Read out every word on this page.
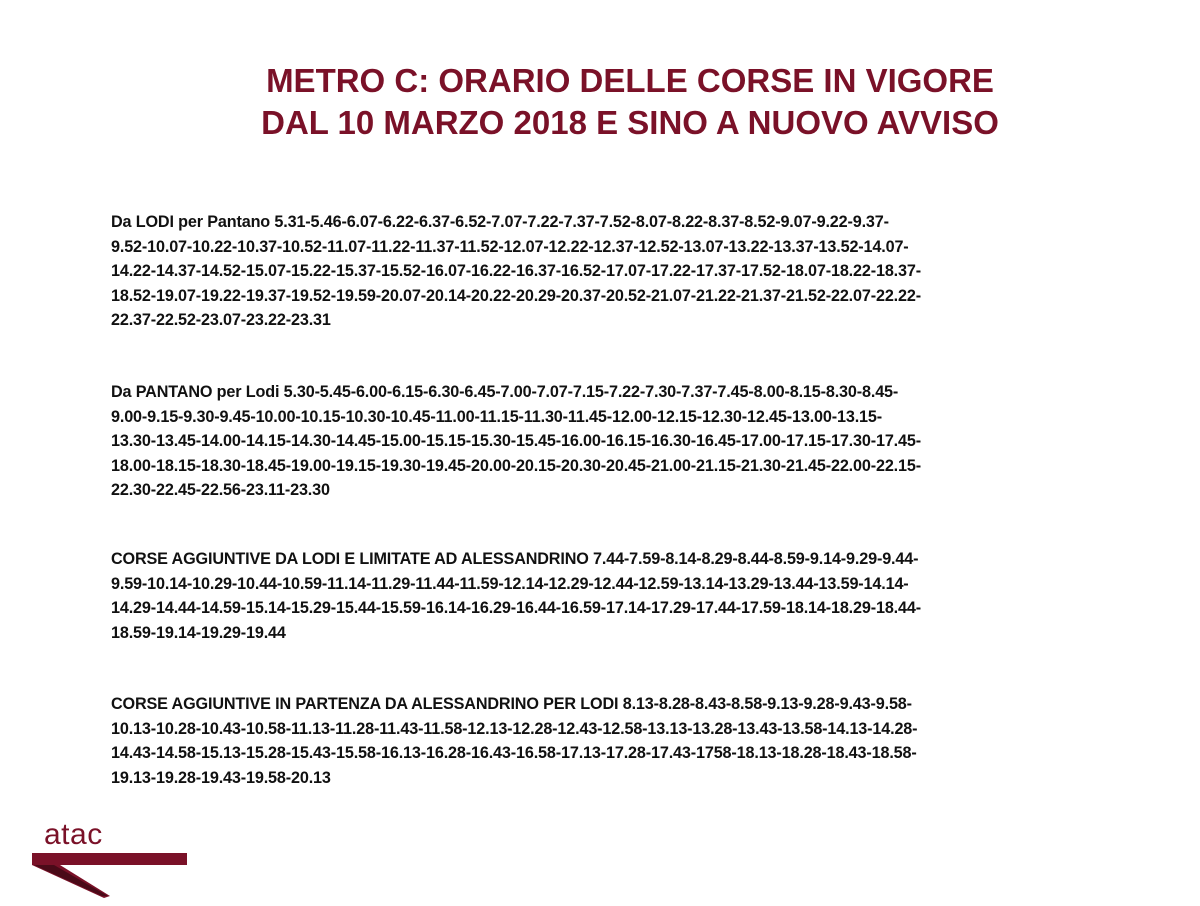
METRO C: ORARIO DELLE CORSE IN VIGORE
DAL 10 MARZO 2018 E SINO A NUOVO AVVISO
Da LODI per Pantano 5.31-5.46-6.07-6.22-6.37-6.52-7.07-7.22-7.37-7.52-8.07-8.22-8.37-8.52-9.07-9.22-9.37-
9.52-10.07-10.22-10.37-10.52-11.07-11.22-11.37-11.52-12.07-12.22-12.37-12.52-13.07-13.22-13.37-13.52-14.07-
14.22-14.37-14.52-15.07-15.22-15.37-15.52-16.07-16.22-16.37-16.52-17.07-17.22-17.37-17.52-18.07-18.22-18.37-
18.52-19.07-19.22-19.37-19.52-19.59-20.07-20.14-20.22-20.29-20.37-20.52-21.07-21.22-21.37-21.52-22.07-22.22-
22.37-22.52-23.07-23.22-23.31
Da PANTANO per Lodi 5.30-5.45-6.00-6.15-6.30-6.45-7.00-7.07-7.15-7.22-7.30-7.37-7.45-8.00-8.15-8.30-8.45-
9.00-9.15-9.30-9.45-10.00-10.15-10.30-10.45-11.00-11.15-11.30-11.45-12.00-12.15-12.30-12.45-13.00-13.15-
13.30-13.45-14.00-14.15-14.30-14.45-15.00-15.15-15.30-15.45-16.00-16.15-16.30-16.45-17.00-17.15-17.30-17.45-
18.00-18.15-18.30-18.45-19.00-19.15-19.30-19.45-20.00-20.15-20.30-20.45-21.00-21.15-21.30-21.45-22.00-22.15-
22.30-22.45-22.56-23.11-23.30
CORSE AGGIUNTIVE DA LODI E LIMITATE AD ALESSANDRINO 7.44-7.59-8.14-8.29-8.44-8.59-9.14-9.29-9.44-
9.59-10.14-10.29-10.44-10.59-11.14-11.29-11.44-11.59-12.14-12.29-12.44-12.59-13.14-13.29-13.44-13.59-14.14-
14.29-14.44-14.59-15.14-15.29-15.44-15.59-16.14-16.29-16.44-16.59-17.14-17.29-17.44-17.59-18.14-18.29-18.44-
18.59-19.14-19.29-19.44
CORSE AGGIUNTIVE IN PARTENZA DA ALESSANDRINO PER LODI 8.13-8.28-8.43-8.58-9.13-9.28-9.43-9.58-
10.13-10.28-10.43-10.58-11.13-11.28-11.43-11.58-12.13-12.28-12.43-12.58-13.13-13.28-13.43-13.58-14.13-14.28-
14.43-14.58-15.13-15.28-15.43-15.58-16.13-16.28-16.43-16.58-17.13-17.28-17.43-1758-18.13-18.28-18.43-18.58-
19.13-19.28-19.43-19.58-20.13
atac
